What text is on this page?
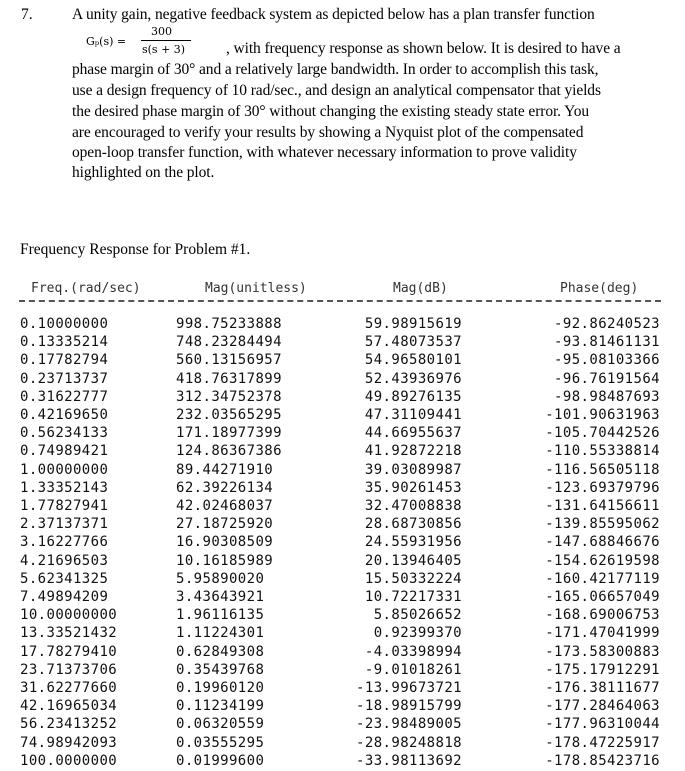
7.	A unity gain, negative feedback system as depicted below has a plan transfer function
Gₚ(s) =
300
s(s + 3)	, with frequency response as shown below. It is desired to have a
phase margin of 30° and a relatively large bandwidth. In order to accomplish this task,
use a design frequency of 10 rad/sec., and design an analytical compensator that yields
the desired phase margin of 30° without changing the existing steady state error. You
are encouraged to verify your results by showing a Nyquist plot of the compensated
open-loop transfer function, with whatever necessary information to prove validity
highlighted on the plot.
Frequency Response for Problem #1.
Freq.(rad/sec)	Mag(unitless)	Mag(dB)	Phase(deg)
0.10000000	998.75233888	59.98915619	-92.86240523
0.13335214	748.23284494	57.48073537	-93.81461131
0.17782794	560.13156957	54.96580101	-95.08103366
0.23713737	418.76317899	52.43936976	-96.76191564
0.31622777	312.34752378	49.89276135	-98.98487693
0.42169650	232.03565295	47.31109441	-101.90631963
0.56234133	171.18977399	44.66955637	-105.70442526
0.74989421	124.86367386	41.92872218	-110.55338814
1.00000000	89.44271910	39.03089987	-116.56505118
1.33352143	62.39226134	35.90261453	-123.69379796
1.77827941	42.02468037	32.47008838	-131.64156611
2.37137371	27.18725920	28.68730856	-139.85595062
3.16227766	16.90308509	24.55931956	-147.68846676
4.21696503	10.16185989	20.13946405	-154.62619598
5.62341325	5.95890020	15.50332224	-160.42177119
7.49894209	3.43643921	10.72217331	-165.06657049
10.00000000	1.96116135	5.85026652	-168.69006753
13.33521432	1.11224301	0.92399370	-171.47041999
17.78279410	0.62849308	-4.03398994	-173.58300883
23.71373706	0.35439768	-9.01018261	-175.17912291
31.62277660	0.19960120	-13.99673721	-176.38111677
42.16965034	0.11234199	-18.98915799	-177.28464063
56.23413252	0.06320559	-23.98489005	-177.96310044
74.98942093	0.03555295	-28.98248818	-178.47225917
100.0000000	0.01999600	-33.98113692	-178.85423716
